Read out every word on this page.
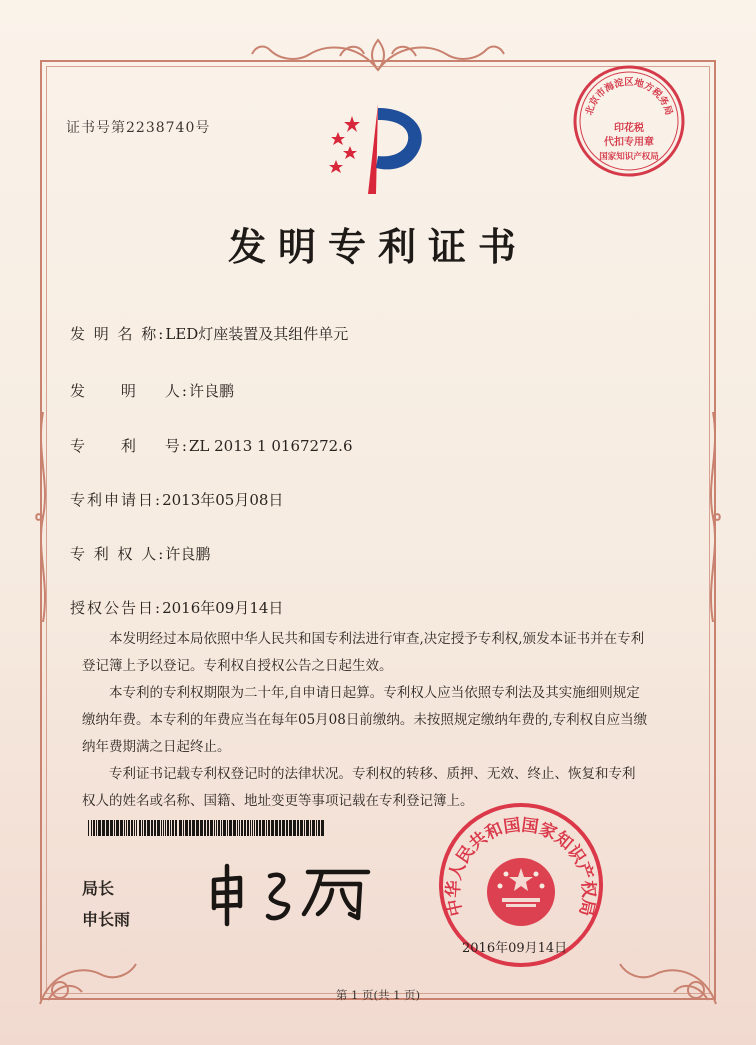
证书号第2238740号
北京市海淀区地方税务局
印花税
代扣专用章
国家知识产权局
发明专利证书
发 明 名 称:LED灯座装置及其组件单元
发     明    人:许良鹏
专     利    号:ZL 2013 1 0167272.6
专利申请日:2013年05月08日
专 利 权 人:许良鹏
授权公告日:2016年09月14日

本发明经过本局依照中华人民共和国专利法进行审查,决定授予专利权,颁发本证书并在专利登记簿上予以登记。专利权自授权公告之日起生效。

本专利的专利权期限为二十年,自申请日起算。专利权人应当依照专利法及其实施细则规定缴纳年费。本专利的年费应当在每年05月08日前缴纳。未按照规定缴纳年费的,专利权自应当缴纳年费期满之日起终止。

专利证书记载专利权登记时的法律状况。专利权的转移、质押、无效、终止、恢复和专利权人的姓名或名称、国籍、地址变更等事项记载在专利登记簿上。

局长
申长雨
中华人民共和国国家知识产权局
2016年09月14日
第 1 页(共 1 页)
